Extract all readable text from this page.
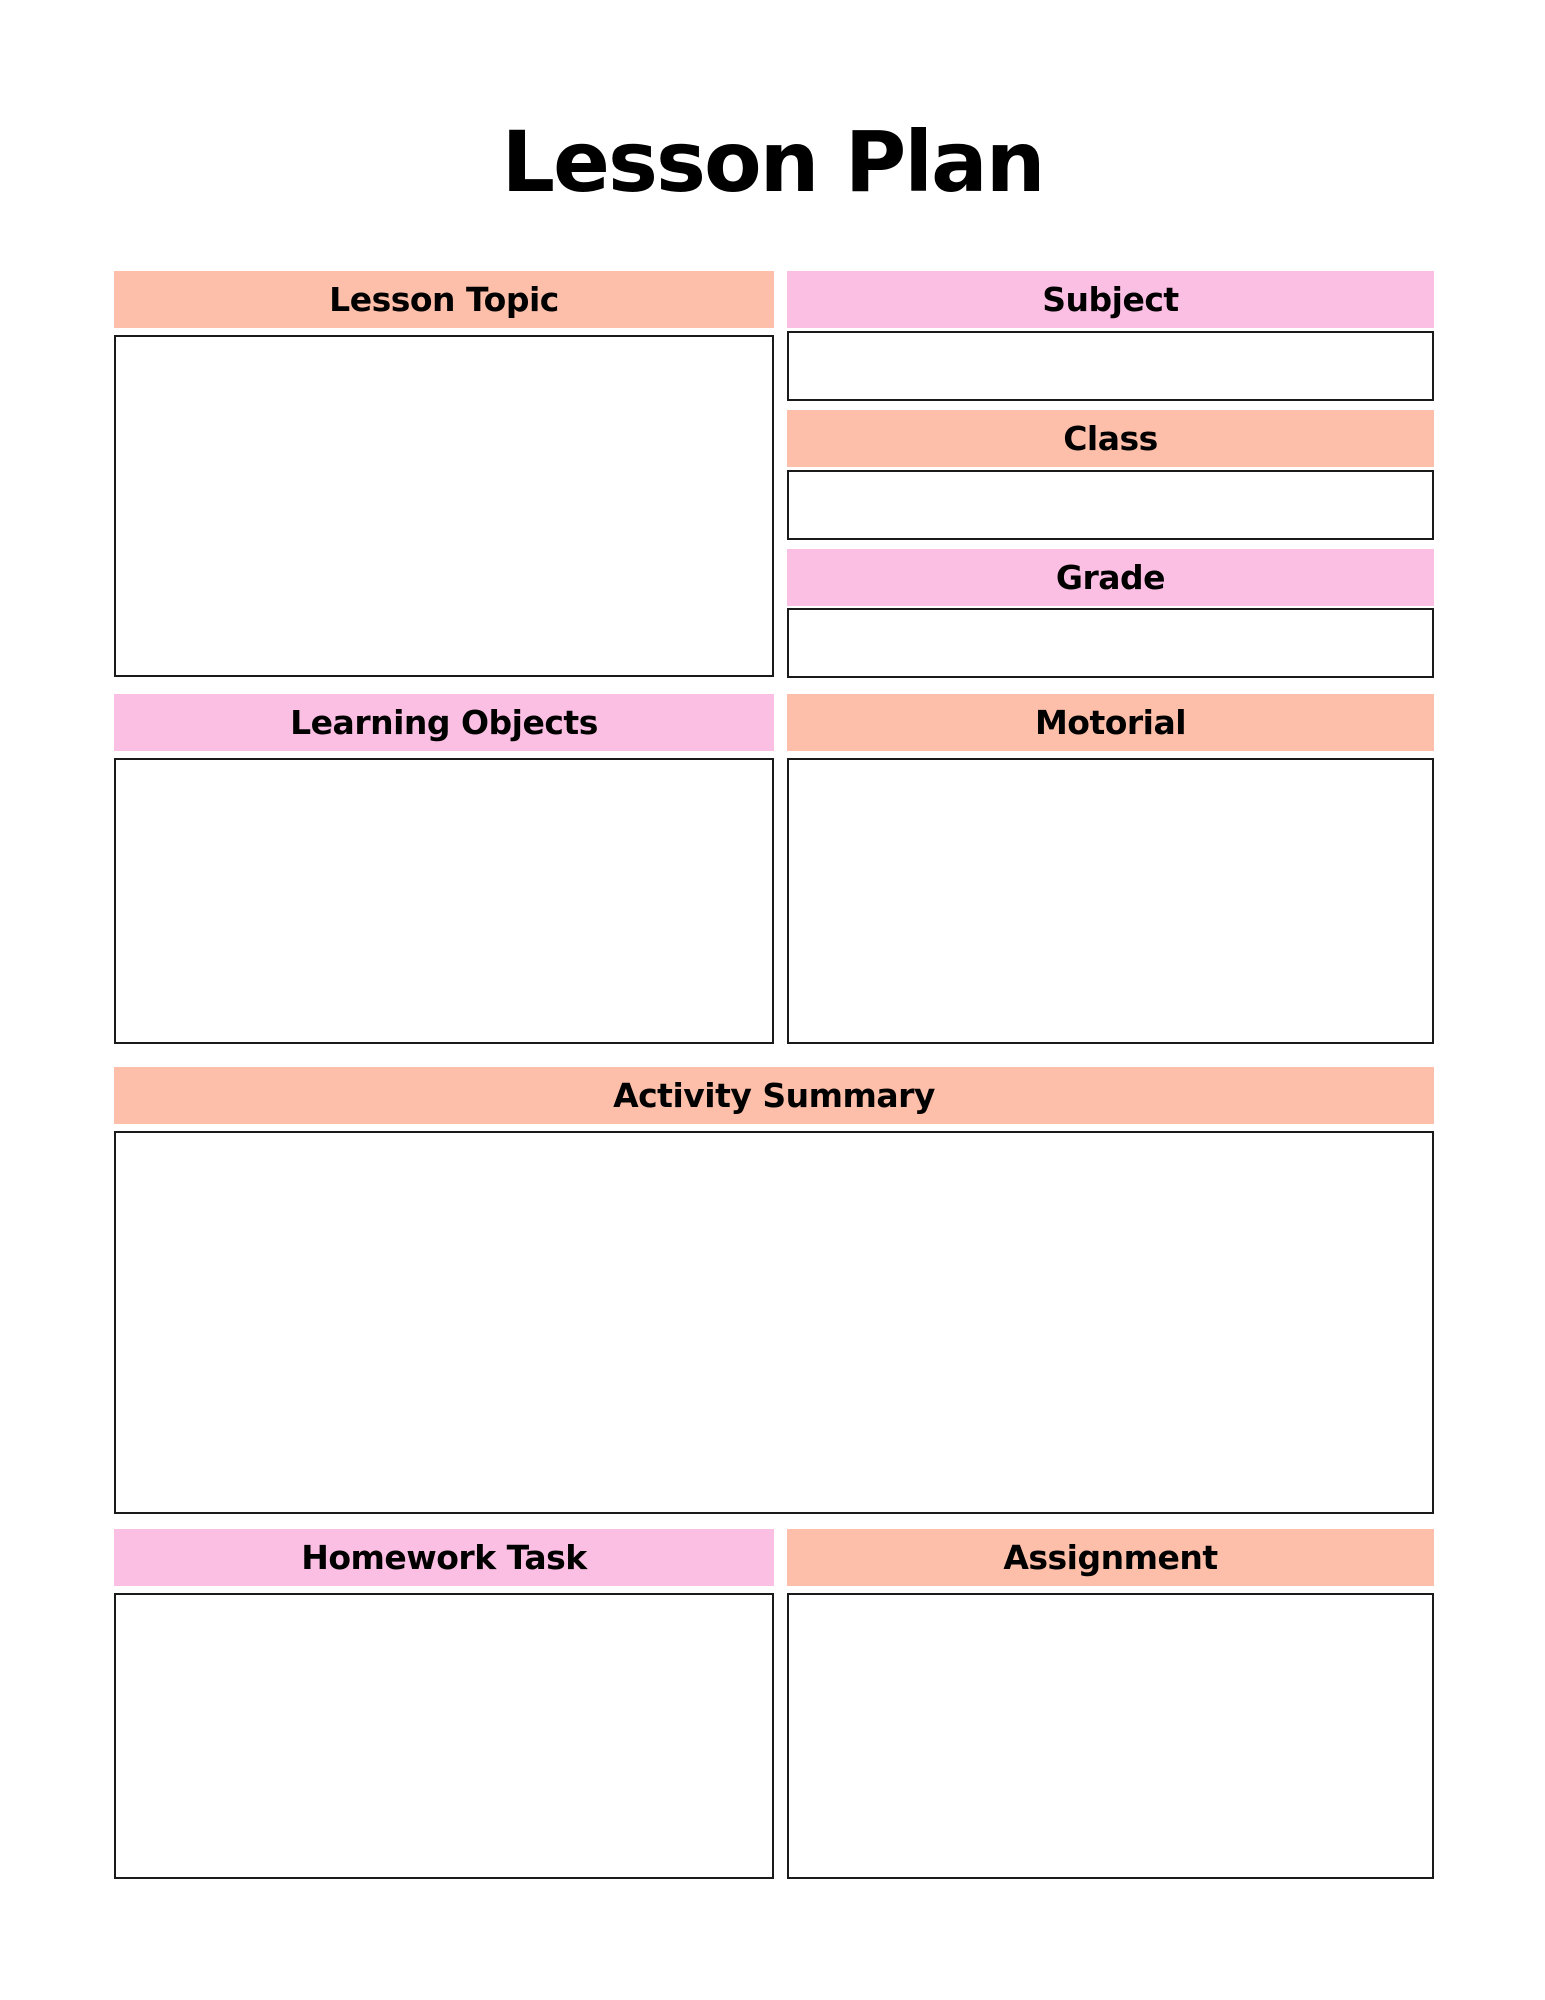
Lesson Plan
Lesson Topic	Subject
Class
Grade
Learning Objects	Motorial
Activity Summary
Homework Task	Assignment
